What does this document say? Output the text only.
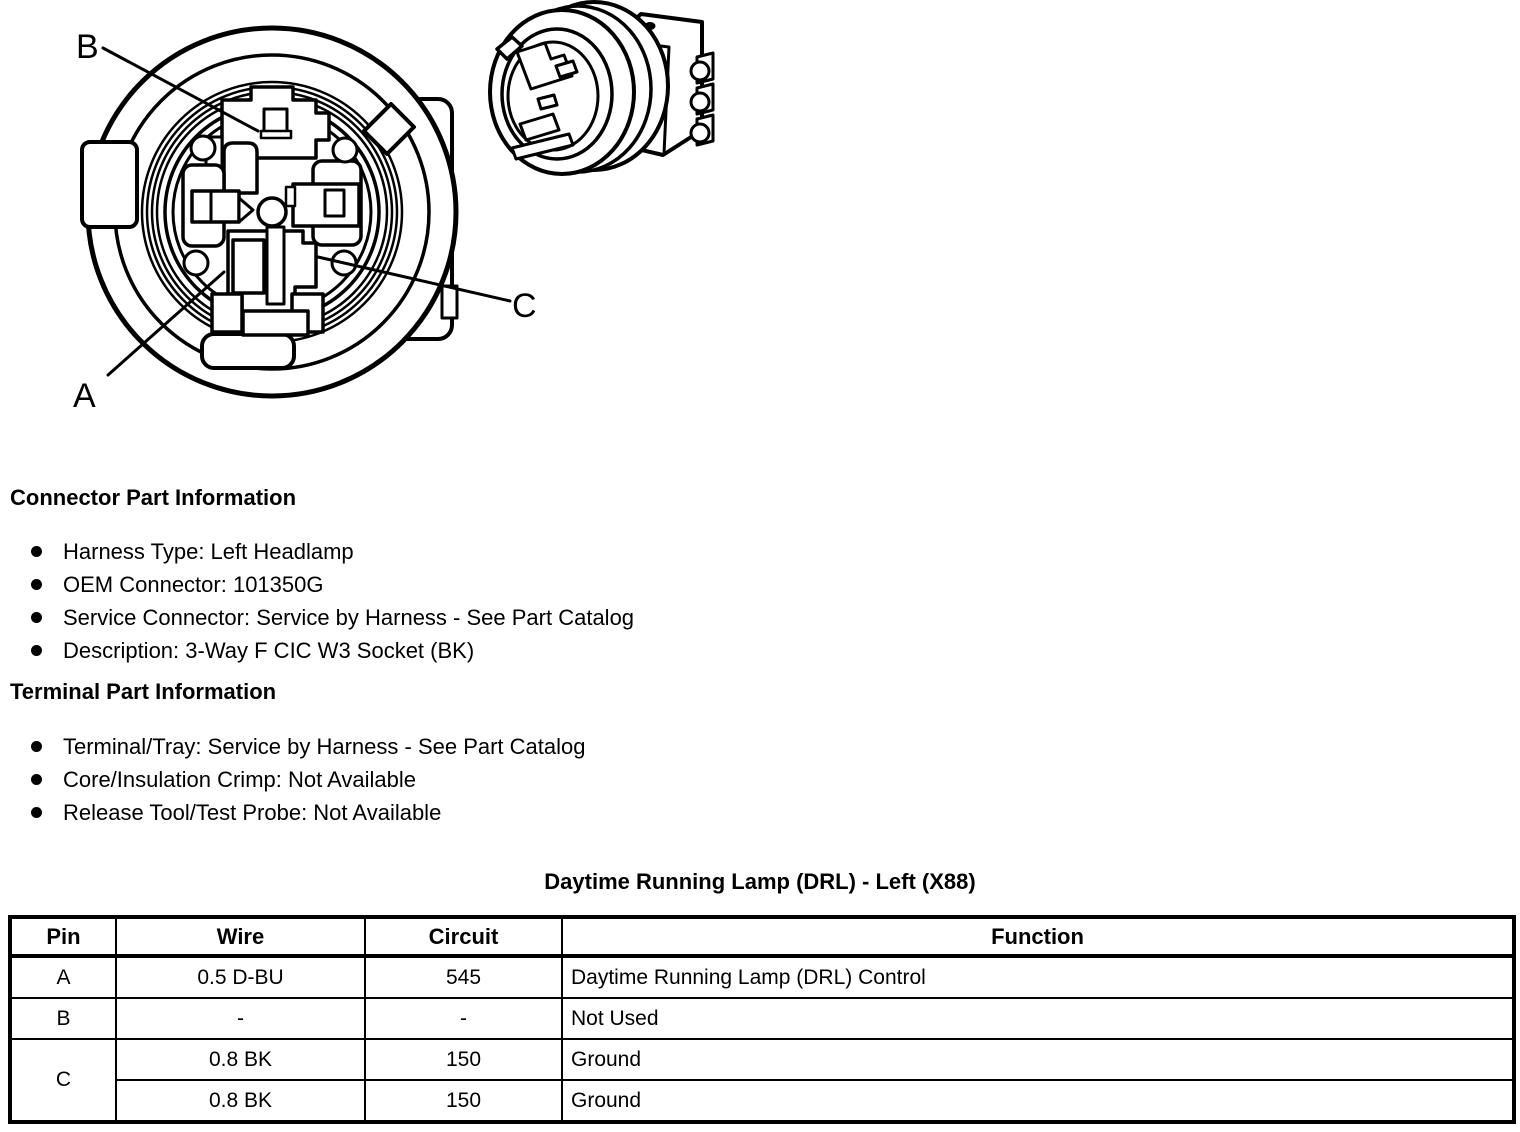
B
A
C
Connector Part Information
Harness Type: Left Headlamp
OEM Connector: 101350G
Service Connector: Service by Harness - See Part Catalog
Description: 3-Way F CIC W3 Socket (BK)
Terminal Part Information
Terminal/Tray: Service by Harness - See Part Catalog
Core/Insulation Crimp: Not Available
Release Tool/Test Probe: Not Available
Daytime Running Lamp (DRL) - Left (X88)
Pin	Wire	Circuit	Function
A	0.5 D-BU	545	Daytime Running Lamp (DRL) Control
B	-	-	Not Used
C	0.8 BK	150	Ground
	0.8 BK	150	Ground
